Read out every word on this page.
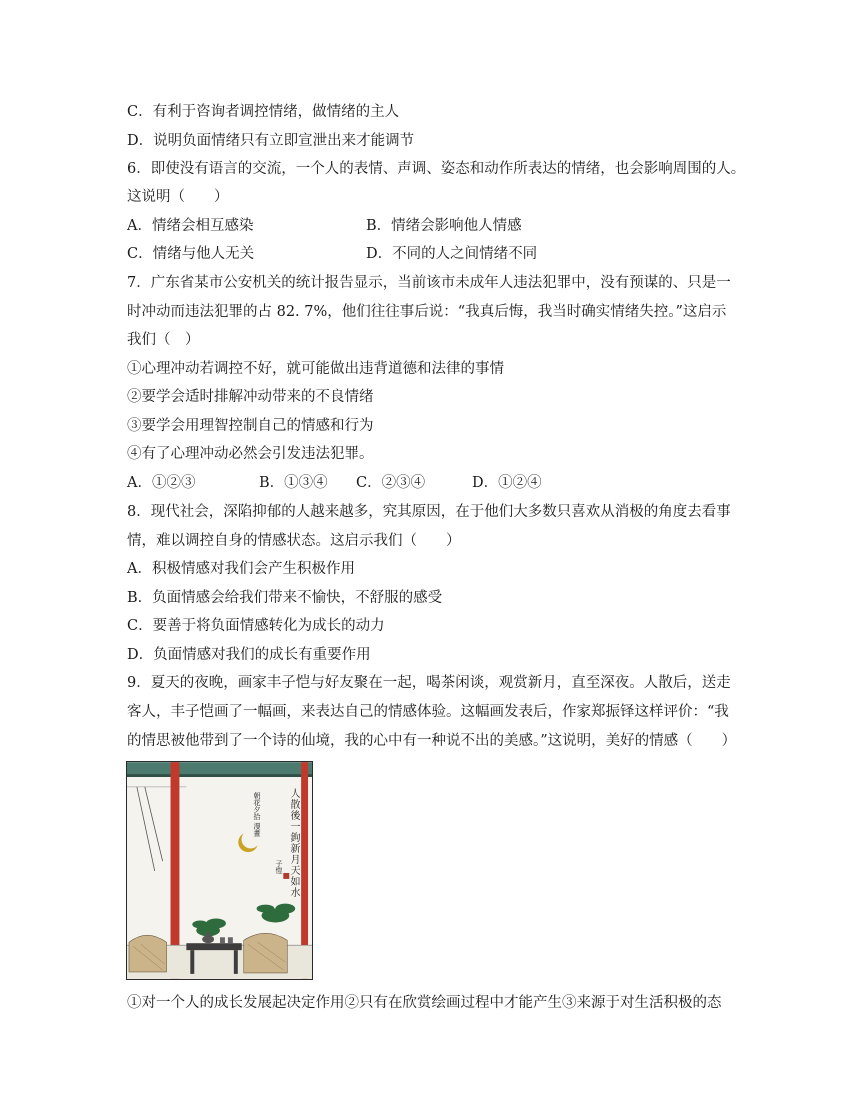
C．有利于咨询者调控情绪，做情绪的主人
D．说明负面情绪只有立即宣泄出来才能调节
6．即使没有语言的交流，一个人的表情、声调、姿态和动作所表达的情绪，也会影响周围的人。
这说明（　　）
A．情绪会相互感染	B．情绪会影响他人情感
C．情绪与他人无关	D．不同的人之间情绪不同
7．广东省某市公安机关的统计报告显示，当前该市未成年人违法犯罪中，没有预谋的、只是一
时冲动而违法犯罪的占 82. 7%，他们往往事后说：“我真后悔，我当时确实情绪失控。”这启示
我们（　）
①心理冲动若调控不好，就可能做出违背道德和法律的事情
②要学会适时排解冲动带来的不良情绪
③要学会用理智控制自己的情感和行为
④有了心理冲动必然会引发违法犯罪。
A．①②③	B．①③④ C．②③④	D．①②④
8．现代社会，深陷抑郁的人越来越多，究其原因，在于他们大多数只喜欢从消极的角度去看事
情，难以调控自身的情感状态。这启示我们（　　）
A．积极情感对我们会产生积极作用
B．负面情感会给我们带来不愉快，不舒服的感受
C．要善于将负面情感转化为成长的动力
D．负面情感对我们的成长有重要作用
9．夏天的夜晚，画家丰子恺与好友聚在一起，喝茶闲谈，观赏新月，直至深夜。人散后，送走
客人，丰子恺画了一幅画，来表达自己的情感体验。这幅画发表后，作家郑振铎这样评价：“我
的情思被他带到了一个诗的仙境，我的心中有一种说不出的美感。”这说明，美好的情感（　　）
人散後一鉤新月天如水
朝花夕拾 漫畫
子愷
①对一个人的成长发展起决定作用②只有在欣赏绘画过程中才能产生③来源于对生活积极的态
